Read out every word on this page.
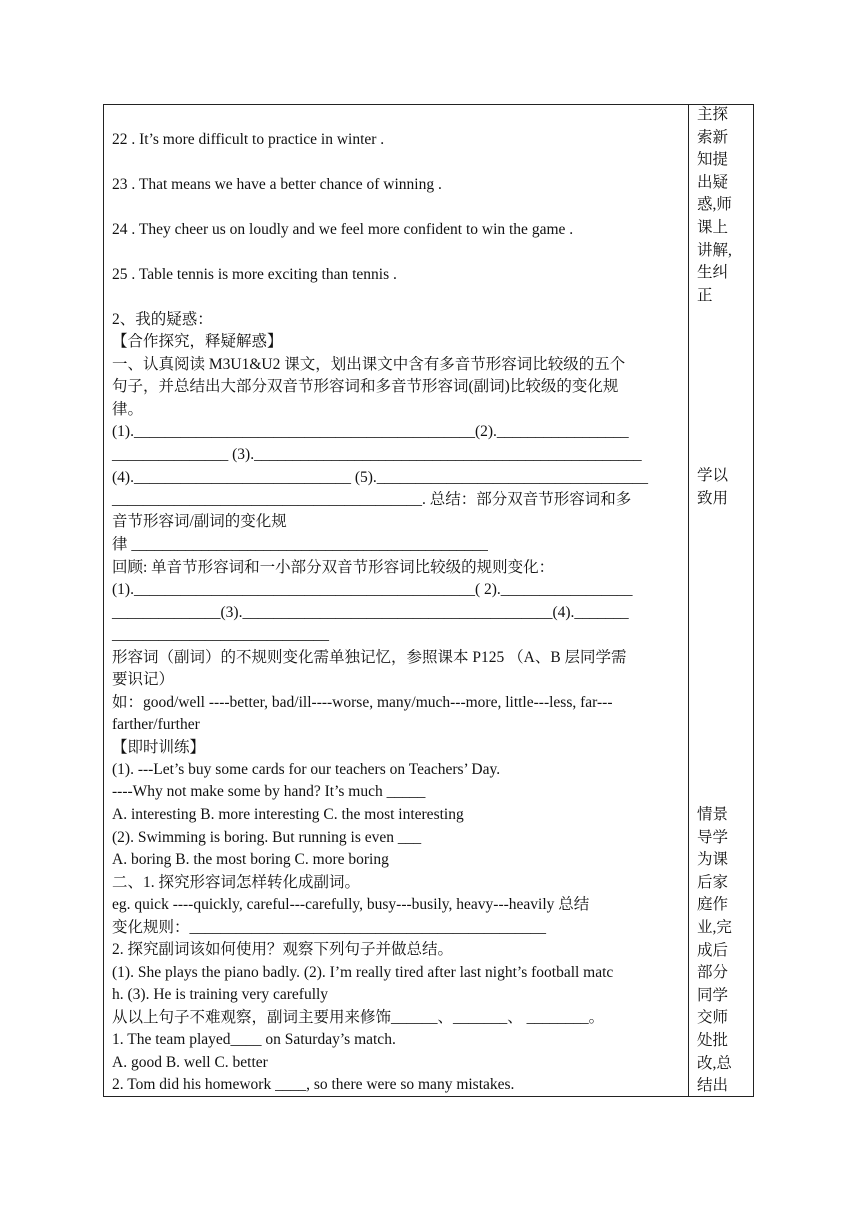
22 . It’s more difficult to practice in winter .
23 . That means we have a better chance of winning .
24 . They cheer us on loudly and we feel more confident to win the game .
25 . Table tennis is more exciting than tennis .
2、我的疑惑：
【合作探究，释疑解惑】
一、认真阅读 M3U1&U2 课文，划出课文中含有多音节形容词比较级的五个
句子，并总结出大部分双音节形容词和多音节形容词(副词)比较级的变化规
律。
(1).____________________________________________(2)._________________
_______________ (3).__________________________________________________
(4).____________________________ (5).___________________________________
________________________________________. 总结：部分双音节形容词和多
音节形容词/副词的变化规
律 ______________________________________________
回顾: 单音节形容词和一小部分双音节形容词比较级的规则变化：
(1).____________________________________________( 2)._________________
______________(3).________________________________________(4)._______
____________________________
形容词（副词）的不规则变化需单独记忆，参照课本 P125 （A、B 层同学需
要识记）
如：good/well ----better, bad/ill----worse, many/much---more, little---less, far---
farther/further
【即时训练】
(1). ---Let’s buy some cards for our teachers on Teachers’ Day.
----Why not make some by hand? It’s much _____
A. interesting B. more interesting C. the most interesting
(2). Swimming is boring. But running is even ___
A. boring B. the most boring C. more boring
二、1. 探究形容词怎样转化成副词。
eg. quick ----quickly, careful---carefully, busy---busily, heavy---heavily 总结
变化规则：______________________________________________
2. 探究副词该如何使用？观察下列句子并做总结。
(1). She plays the piano badly. (2). I’m really tired after last night’s football matc
h. (3). He is training very carefully
从以上句子不难观察，副词主要用来修饰______、_______、 ________。
1. The team played____ on Saturday’s match.
A. good B. well C. better
2. Tom did his homework ____, so there were so many mistakes.
主探
索新
知提
出疑
惑,师
课上
讲解,
生纠
正
学以
致用
情景
导学
为课
后家
庭作
业,完
成后
部分
同学
交师
处批
改,总
结出
